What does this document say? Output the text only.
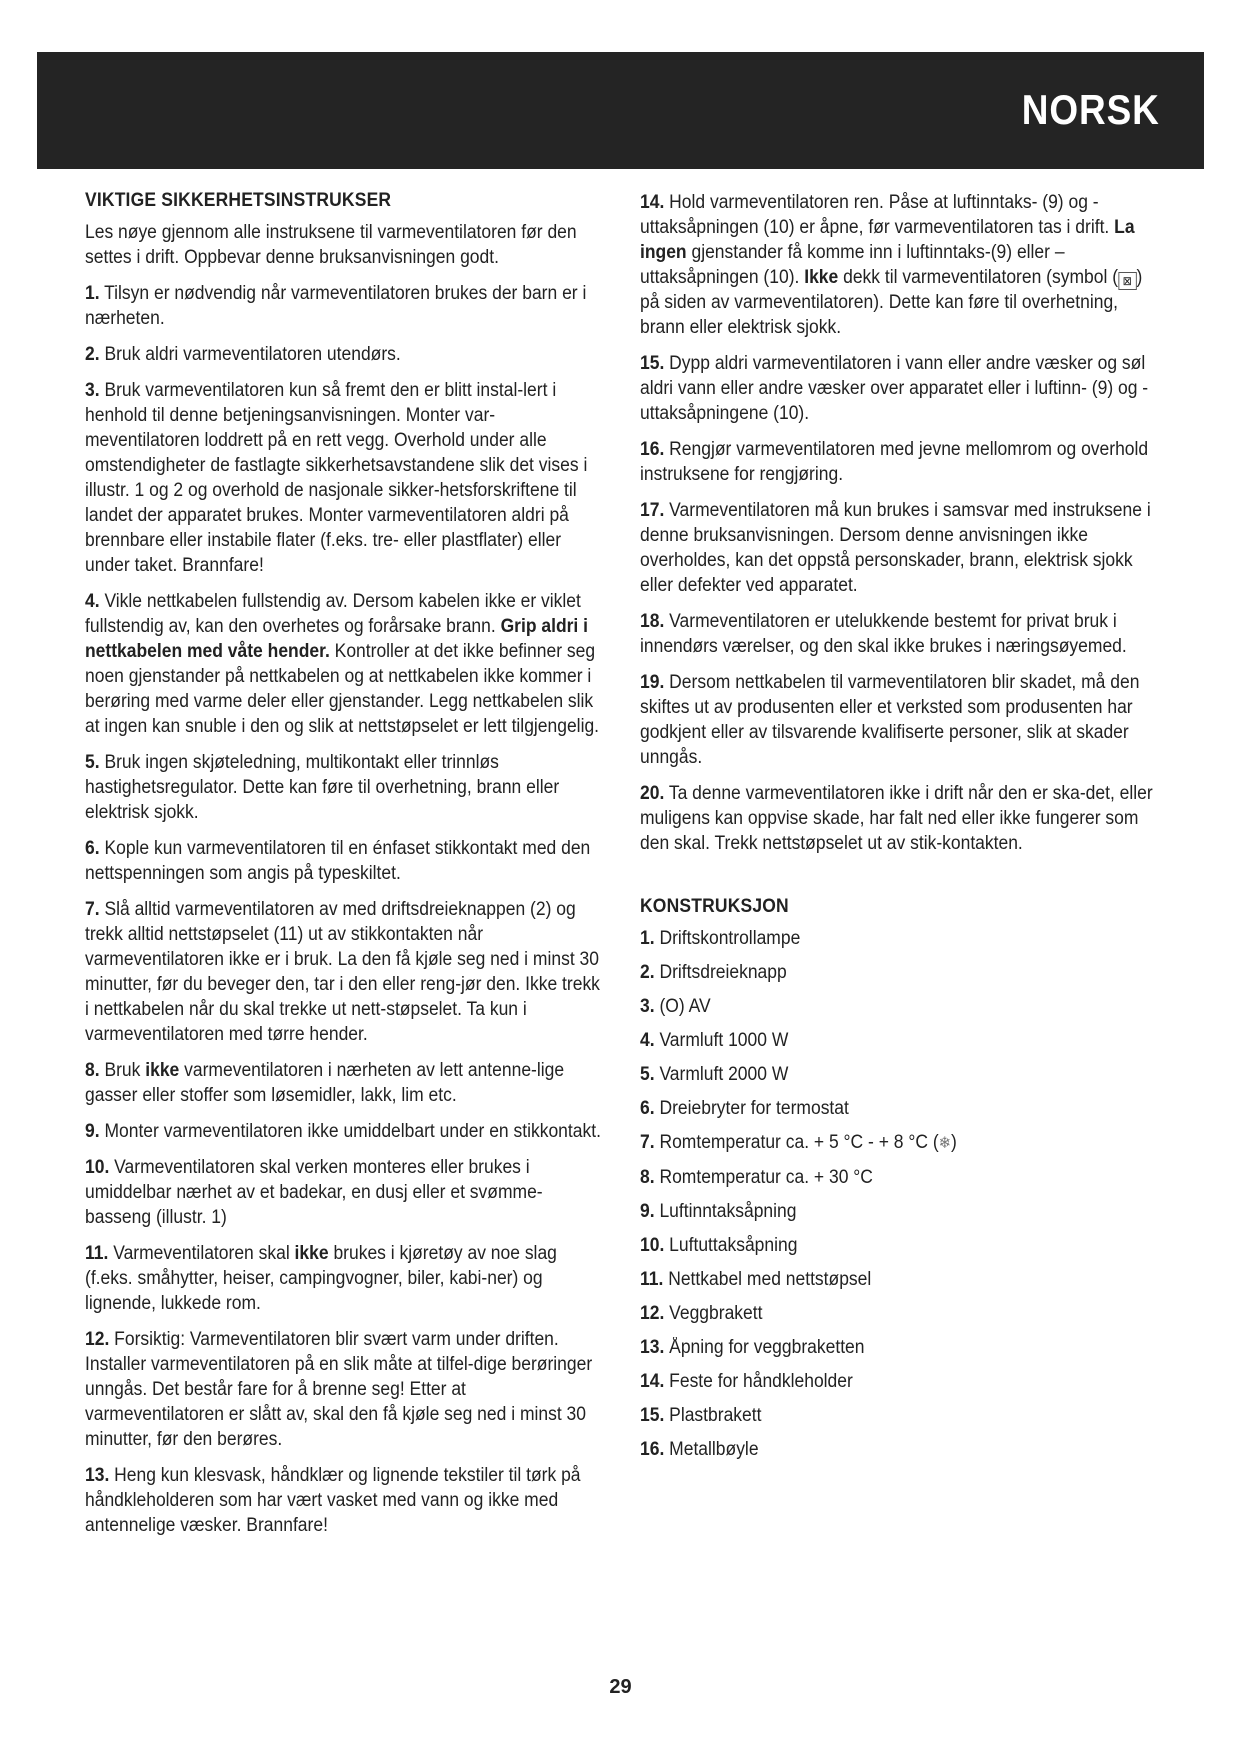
NORSK
VIKTIGE SIKKERHETSINSTRUKSER

Les nøye gjennom alle instruksene til varmeventilatoren før den settes i drift. Oppbevar denne bruksanvisningen godt.

1. Tilsyn er nødvendig når varmeventilatoren brukes der barn er i nærheten.

2. Bruk aldri varmeventilatoren utendørs.

3. Bruk varmeventilatoren kun så fremt den er blitt instal-lert i henhold til denne betjeningsanvisningen. Monter var-meventilatoren loddrett på en rett vegg. Overhold under alle omstendigheter de fastlagte sikkerhetsavstandene slik det vises i illustr. 1 og 2 og overhold de nasjonale sikker-hetsforskriftene til landet der apparatet brukes. Monter varmeventilatoren aldri på brennbare eller instabile flater (f.eks. tre- eller plastflater) eller under taket. Brannfare!

4. Vikle nettkabelen fullstendig av. Dersom kabelen ikke er viklet fullstendig av, kan den overhetes og forårsake brann. Grip aldri i nettkabelen med våte hender. Kontroller at det ikke befinner seg noen gjenstander på nettkabelen og at nettkabelen ikke kommer i berøring med varme deler eller gjenstander. Legg nettkabelen slik at ingen kan snuble i den og slik at nettstøpselet er lett tilgjengelig.

5. Bruk ingen skjøteledning, multikontakt eller trinnløs hastighetsregulator. Dette kan føre til overhetning, brann eller elektrisk sjokk.

6. Kople kun varmeventilatoren til en énfaset stikkontakt med den nettspenningen som angis på typeskiltet.

7. Slå alltid varmeventilatoren av med driftsdreieknappen (2) og trekk alltid nettstøpselet (11) ut av stikkontakten når varmeventilatoren ikke er i bruk. La den få kjøle seg ned i minst 30 minutter, før du beveger den, tar i den eller reng-jør den. Ikke trekk i nettkabelen når du skal trekke ut nett-støpselet. Ta kun i varmeventilatoren med tørre hender.

8. Bruk ikke varmeventilatoren i nærheten av lett antenne-lige gasser eller stoffer som løsemidler, lakk, lim etc.

9. Monter varmeventilatoren ikke umiddelbart under en stikkontakt.

10. Varmeventilatoren skal verken monteres eller brukes i umiddelbar nærhet av et badekar, en dusj eller et svømme-basseng (illustr. 1)

11. Varmeventilatoren skal ikke brukes i kjøretøy av noe slag (f.eks. småhytter, heiser, campingvogner, biler, kabi-ner) og lignende, lukkede rom.

12. Forsiktig: Varmeventilatoren blir svært varm under driften. Installer varmeventilatoren på en slik måte at tilfel-dige berøringer unngås. Det består fare for å brenne seg! Etter at varmeventilatoren er slått av, skal den få kjøle seg ned i minst 30 minutter, før den berøres.

13. Heng kun klesvask, håndklær og lignende tekstiler til tørk på håndkleholderen som har vært vasket med vann og ikke med antennelige væsker. Brannfare!

14. Hold varmeventilatoren ren. Påse at luftinntaks- (9) og -uttaksåpningen (10) er åpne, før varmeventilatoren tas i drift. La ingen gjenstander få komme inn i luftinntaks-(9) eller –uttaksåpningen (10). Ikke dekk til varmeventilatoren (symbol ( ⊠ ) på siden av varmeventilatoren). Dette kan føre til overhetning, brann eller elektrisk sjokk.

15. Dypp aldri varmeventilatoren i vann eller andre væsker og søl aldri vann eller andre væsker over apparatet eller i luftinn- (9) og -uttaksåpningene (10).

16. Rengjør varmeventilatoren med jevne mellomrom og overhold instruksene for rengjøring.

17. Varmeventilatoren må kun brukes i samsvar med instruksene i denne bruksanvisningen. Dersom denne anvisningen ikke overholdes, kan det oppstå personskader, brann, elektrisk sjokk eller defekter ved apparatet.

18. Varmeventilatoren er utelukkende bestemt for privat bruk i innendørs værelser, og den skal ikke brukes i næringsøyemed.

19. Dersom nettkabelen til varmeventilatoren blir skadet, må den skiftes ut av produsenten eller et verksted som produsenten har godkjent eller av tilsvarende kvalifiserte personer, slik at skader unngås.

20. Ta denne varmeventilatoren ikke i drift når den er ska-det, eller muligens kan oppvise skade, har falt ned eller ikke fungerer som den skal. Trekk nettstøpselet ut av stik-kontakten.

KONSTRUKSJON

1. Driftskontrollampe

2. Driftsdreieknapp

3. (O) AV

4. Varmluft 1000 W

5. Varmluft 2000 W

6. Dreiebryter for termostat

7. Romtemperatur ca. + 5 °C - + 8 °C (❄)

8. Romtemperatur ca. + 30 °C

9. Luftinntaksåpning

10. Luftuttaksåpning

11. Nettkabel med nettstøpsel

12. Veggbrakett

13. Åpning for veggbraketten

14. Feste for håndkleholder

15. Plastbrakett

16. Metallbøyle

29
